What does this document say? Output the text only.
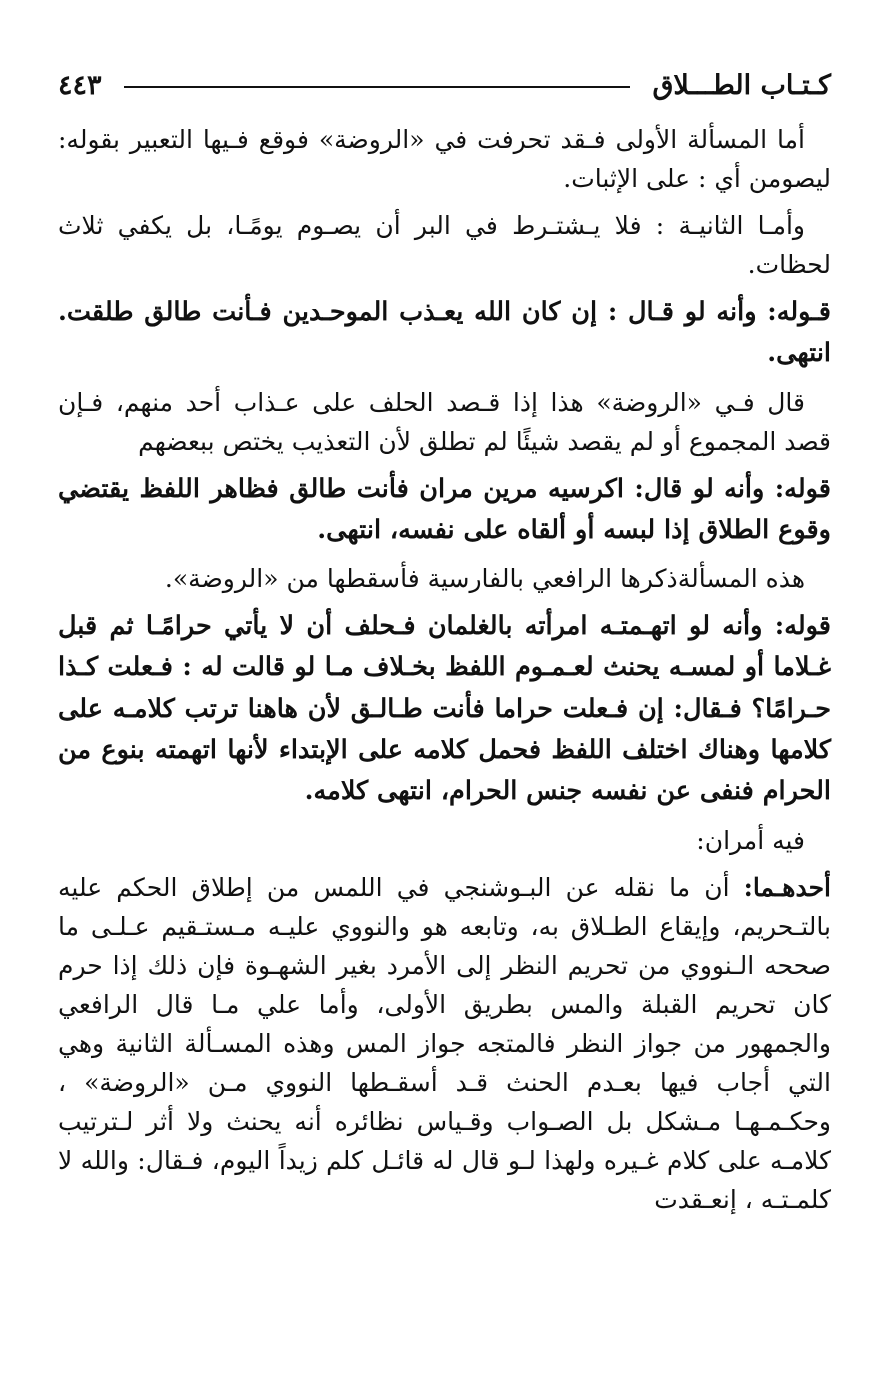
كـتـاب الطـــلاق
٤٤٣

أما المسألة الأولى فـقد تحرفت في «الروضة» فوقع فـيها التعبير بقوله: ليصومن أي : على الإثبات.

وأمـا الثانيـة : فلا يـشتـرط في البر أن يصـوم يومًـا، بل يكفي ثلاث لحظات.

قـوله: وأنه لو قـال : إن كان الله يعـذب الموحـدين فـأنت طالق طلقت. انتهى.

قال فـي «الروضة» هذا إذا قـصد الحلف على عـذاب أحد منهم، فـإن قصد المجموع أو لم يقصد شيئًا لم تطلق لأن التعذيب يختص ببعضهم

قوله: وأنه لو قال: اكرسيه مرين مران فأنت طالق فظاهر اللفظ يقتضي وقوع الطلاق إذا لبسه أو ألقاه على نفسه، انتهى.

هذه المسألةذكرها الرافعي بالفارسية فأسقطها من «الروضة».

قوله: وأنه لو اتهـمتـه امرأته بالغلمان فـحلف أن لا يأتي حرامًـا ثم قبل غـلاما أو لمسـه يحنث لعـمـوم اللفظ بخـلاف مـا لو قالت له : فـعلت كـذا حـرامًا؟ فـقال: إن فـعلت حراما فأنت طـالـق لأن هاهنا ترتب كلامـه على كلامها وهناك اختلف اللفظ فحمل كلامه على الإبتداء لأنها اتهمته بنوع من الحرام فنفى عن نفسه جنس الحرام، انتهى كلامه.

فيه أمران:

أحدهـما: أن ما نقله عن البـوشنجي في اللمس من إطلاق الحكم عليه بالتـحريم، وإيقاع الطـلاق به، وتابعه هو والنووي عليـه مـستـقيم عـلـى ما صححه الـنووي من تحريم النظر إلى الأمرد بغير الشهـوة فإن ذلك إذا حرم كان تحريم القبلة والمس بطريق الأولى، وأما علي مـا قال الرافعي والجمهور من جواز النظر فالمتجه جواز المس وهذه المسـألة الثانية وهي التي أجاب فيها بعـدم الحنث قـد أسقـطها النووي مـن «الروضة» ، وحكـمـهـا مـشكل بل الصـواب وقـياس نظائره أنه يحنث ولا أثر لـترتيب كلامـه على كلام غـيره ولهذا لـو قال له قائـل كلم زيداً اليوم، فـقال: والله لا كلمـتـه ، إنعـقدت
